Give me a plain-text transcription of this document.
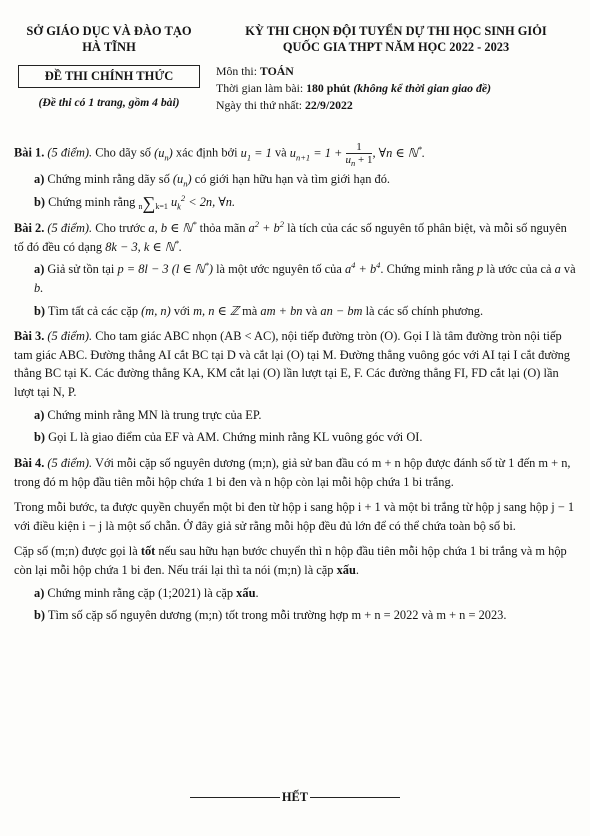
SỞ GIÁO DỤC VÀ ĐÀO TẠO
HÀ TĨNH
ĐỀ THI CHÍNH THỨC
(Đề thi có 1 trang, gồm 4 bài)
KỲ THI CHỌN ĐỘI TUYỂN DỰ THI HỌC SINH GIỎI
QUỐC GIA THPT NĂM HỌC 2022 - 2023
Môn thi: TOÁN
Thời gian làm bài: 180 phút (không kể thời gian giao đề)
Ngày thi thứ nhất: 22/9/2022

Bài 1. (5 điểm). Cho dãy số $(u_n)$ xác định bởi $u_1 = 1$ và $u_{n+1} = 1 + \frac{1}{u_n + 1}$ , ∀n ∈ ℕ*.

a) Chứng minh rằng dãy số $(u_n)$ có giới hạn hữu hạn và tìm giới hạn đó.

b) Chứng minh rằng n∑k=1 $u_k^2 < 2n$, ∀n.

Bài 2. (5 điểm). Cho trước a, b ∈ ℕ* thỏa mãn $a^2 + b^2$ là tích của các số nguyên tố phân biệt, và mỗi số nguyên tố đó đều có dạng 8k − 3, k ∈ ℕ*.

a) Giả sử tồn tại p = 8l − 3 (l ∈ ℕ*) là một ước nguyên tố của $a^4 + b^4$. Chứng minh rằng p là ước của cả a và b.

b) Tìm tất cả các cặp (m, n) với m, n ∈ ℤ mà am + bn và an − bm là các số chính phương.

Bài 3. (5 điểm). Cho tam giác ABC nhọn (AB < AC), nội tiếp đường tròn (O). Gọi I là tâm đường tròn nội tiếp tam giác ABC. Đường thẳng AI cắt BC tại D và cắt lại (O) tại M. Đường thẳng vuông góc với AI tại I cắt đường thẳng BC tại K. Các đường thẳng KA, KM cắt lại (O) lần lượt tại E, F. Các đường thẳng FI, FD cắt lại (O) lần lượt tại N, P.

a) Chứng minh rằng MN là trung trực của EP.

b) Gọi L là giao điểm của EF và AM. Chứng minh rằng KL vuông góc với OI.

Bài 4. (5 điểm). Với mỗi cặp số nguyên dương (m;n), giả sử ban đầu có m + n hộp được đánh số từ 1 đến m + n, trong đó m hộp đầu tiên mỗi hộp chứa 1 bi đen và n hộp còn lại mỗi hộp chứa 1 bi trắng.

Trong mỗi bước, ta được quyền chuyển một bi đen từ hộp i sang hộp i + 1 và một bi trắng từ hộp j sang hộp j − 1 với điều kiện i − j là một số chẵn. Ở đây giả sử rằng mỗi hộp đều đủ lớn để có thể chứa toàn bộ số bi.

Cặp số (m;n) được gọi là tốt nếu sau hữu hạn bước chuyển thì n hộp đầu tiên mỗi hộp chứa 1 bi trắng và m hộp còn lại mỗi hộp chứa 1 bi đen. Nếu trái lại thì ta nói (m;n) là cặp xấu.

a) Chứng minh rằng cặp (1;2021) là cặp xấu.

b) Tìm số cặp số nguyên dương (m;n) tốt trong mỗi trường hợp m + n = 2022 và m + n = 2023.

HẾT
